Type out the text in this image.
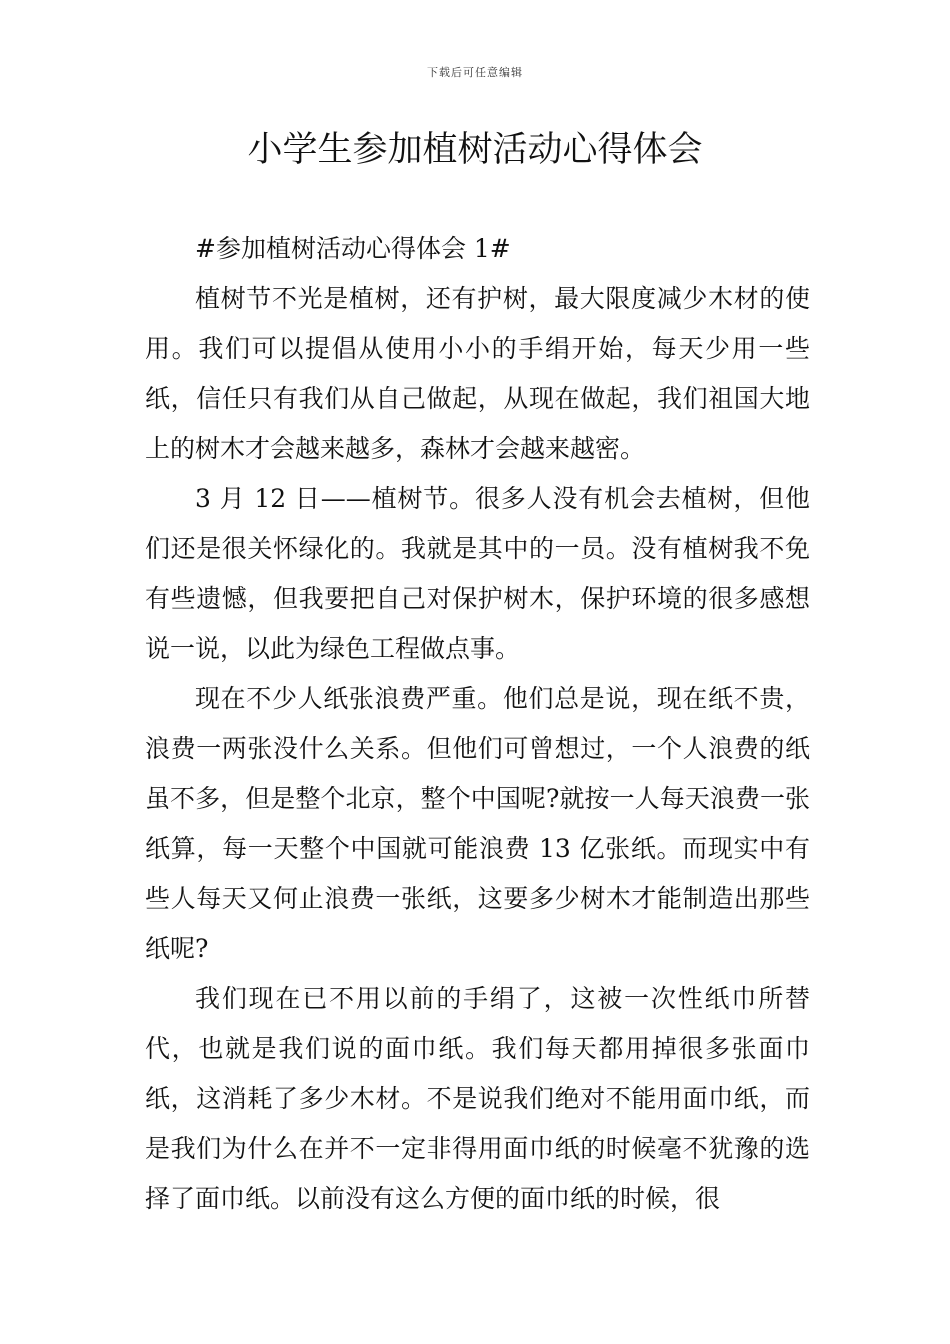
下载后可任意编辑
小学生参加植树活动心得体会

#参加植树活动心得体会 1#

植树节不光是植树，还有护树，最大限度减少木材的使用。我们可以提倡从使用小小的手绢开始，每天少用一些纸，信任只有我们从自己做起，从现在做起，我们祖国大地上的树木才会越来越多，森林才会越来越密。

3 月 12 日——植树节。很多人没有机会去植树，但他们还是很关怀绿化的。我就是其中的一员。没有植树我不免有些遗憾，但我要把自己对保护树木，保护环境的很多感想说一说，以此为绿色工程做点事。

现在不少人纸张浪费严重。他们总是说，现在纸不贵，浪费一两张没什么关系。但他们可曾想过，一个人浪费的纸虽不多，但是整个北京，整个中国呢?就按一人每天浪费一张纸算，每一天整个中国就可能浪费 13 亿张纸。而现实中有些人每天又何止浪费一张纸，这要多少树木才能制造出那些纸呢?

我们现在已不用以前的手绢了，这被一次性纸巾所替代，也就是我们说的面巾纸。我们每天都用掉很多张面巾纸，这消耗了多少木材。不是说我们绝对不能用面巾纸，而是我们为什么在并不一定非得用面巾纸的时候毫不犹豫的选择了面巾纸。以前没有这么方便的面巾纸的时候，很
